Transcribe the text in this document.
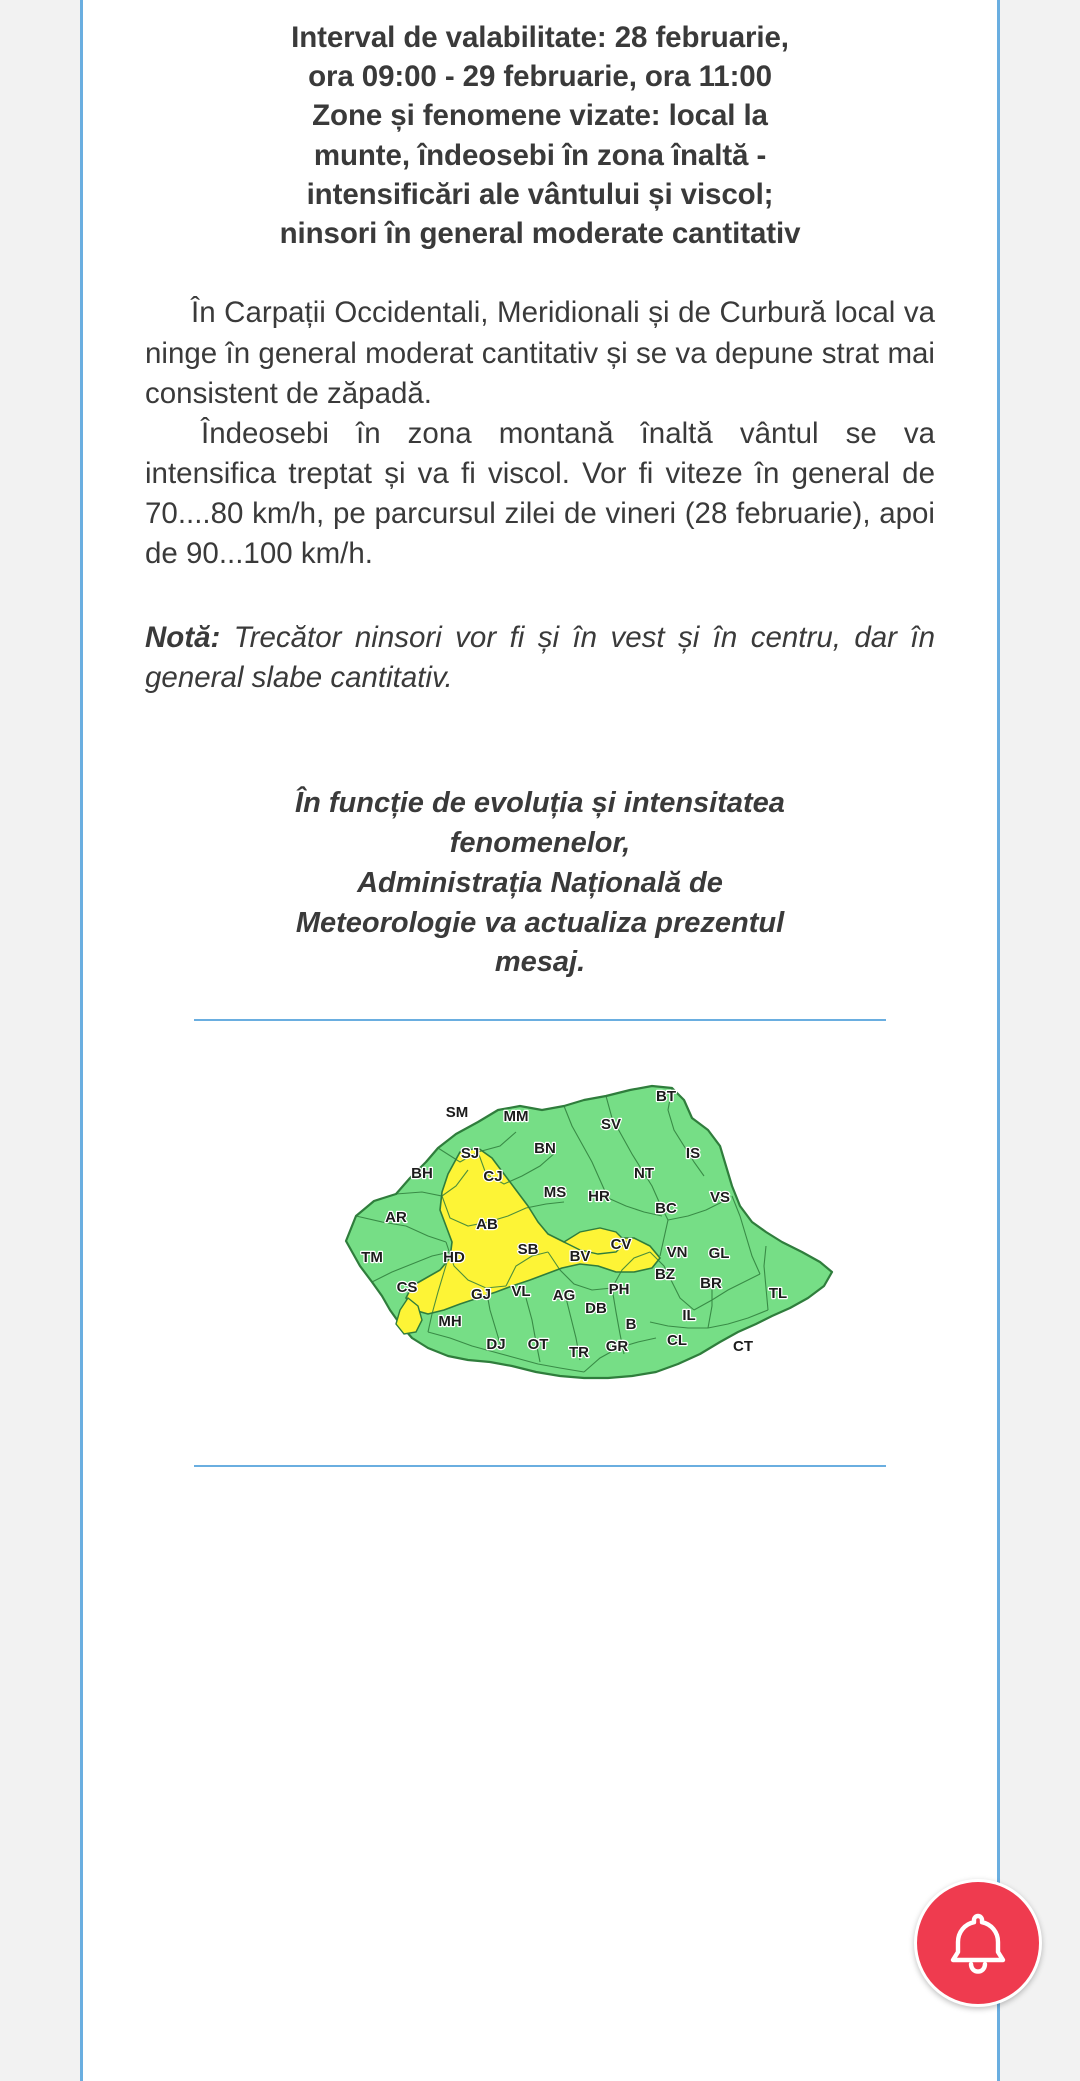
Interval de valabilitate: 28 februarie,
ora 09:00 - 29 februarie, ora 11:00
Zone și fenomene vizate: local la
munte, îndeosebi în zona înaltă -
intensificări ale vântului și viscol;
ninsori în general moderate cantitativ

În Carpații Occidentali, Meridionali și de Curbură local va ninge în general moderat cantitativ și se va depune strat mai consistent de zăpadă.

Îndeosebi în zona montană înaltă vântul se va intensifica treptat și va fi viscol. Vor fi viteze în general de 70....80 km/h, pe parcursul zilei de vineri (28 februarie), apoi de 90...100 km/h.

Notă: Trecător ninsori vor fi și în vest și în centru, dar în general slabe cantitativ.

În funcție de evoluția și intensitatea
fenomenelor,
Administrația Națională de
Meteorologie va actualiza prezentul
mesaj.
SM MM
BT
SV
SJ	BN	IS
BH	CJ	NT
MS HR	VS
BC
AR	AB
SB	CV
BV	VN GL
TM	HD
BZ
CS	GJ VL AG PH	BR
TL
DB
MH	IL
B
DJ OT TR GR	CL	CT
